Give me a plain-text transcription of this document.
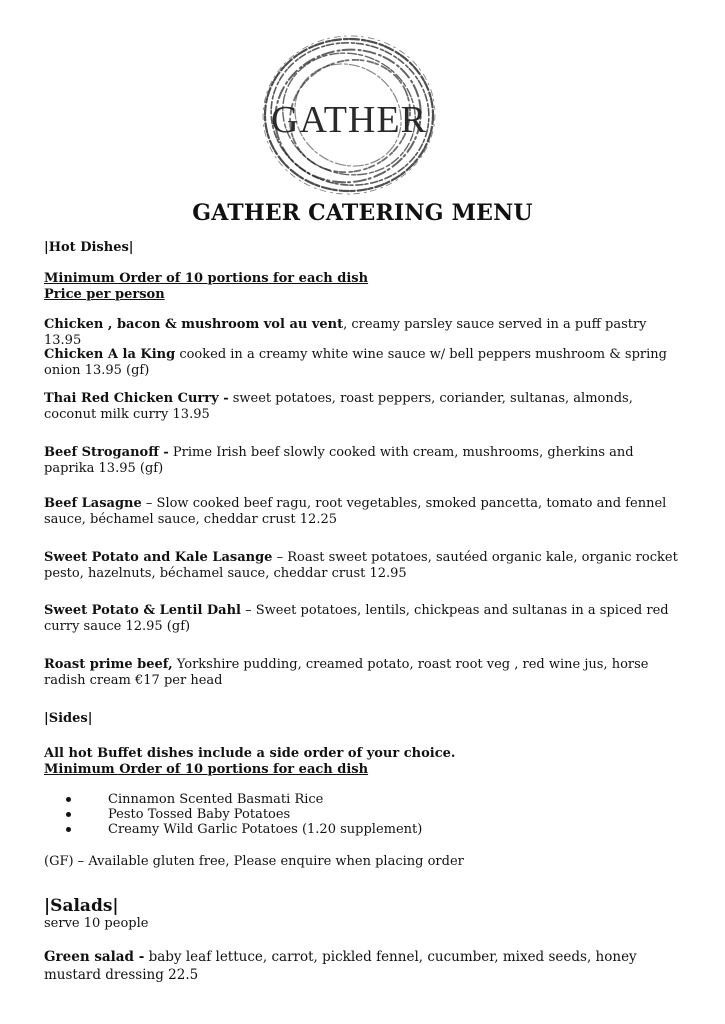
GATHER
GATHER CATERING MENU
|Hot Dishes|
Minimum Order of 10 portions for each dish
Price per person
Chicken , bacon & mushroom vol au vent, creamy parsley sauce served in a puff pastry 13.95
Chicken A la King cooked in a creamy white wine sauce w/ bell peppers mushroom & spring onion 13.95 (gf)
Thai Red Chicken Curry - sweet potatoes, roast peppers, coriander, sultanas, almonds, coconut milk curry 13.95
Beef Stroganoff - Prime Irish beef slowly cooked with cream, mushrooms, gherkins and paprika 13.95 (gf)
Beef Lasagne – Slow cooked beef ragu, root vegetables, smoked pancetta, tomato and fennel sauce, béchamel sauce, cheddar crust 12.25
Sweet Potato and Kale Lasange – Roast sweet potatoes, sautéed organic kale, organic rocket pesto, hazelnuts, béchamel sauce, cheddar crust 12.95
Sweet Potato & Lentil Dahl – Sweet potatoes, lentils, chickpeas and sultanas in a spiced red curry sauce 12.95 (gf)
Roast prime beef, Yorkshire pudding, creamed potato, roast root veg , red wine jus, horse radish cream €17 per head
|Sides|
All hot Buffet dishes include a side order of your choice.
Minimum Order of 10 portions for each dish
Cinnamon Scented Basmati Rice
Pesto Tossed Baby Potatoes
Creamy Wild Garlic Potatoes (1.20 supplement)
(GF) – Available gluten free, Please enquire when placing order
|Salads|
serve 10 people
Green salad - baby leaf lettuce, carrot, pickled fennel, cucumber, mixed seeds, honey mustard dressing 22.5
